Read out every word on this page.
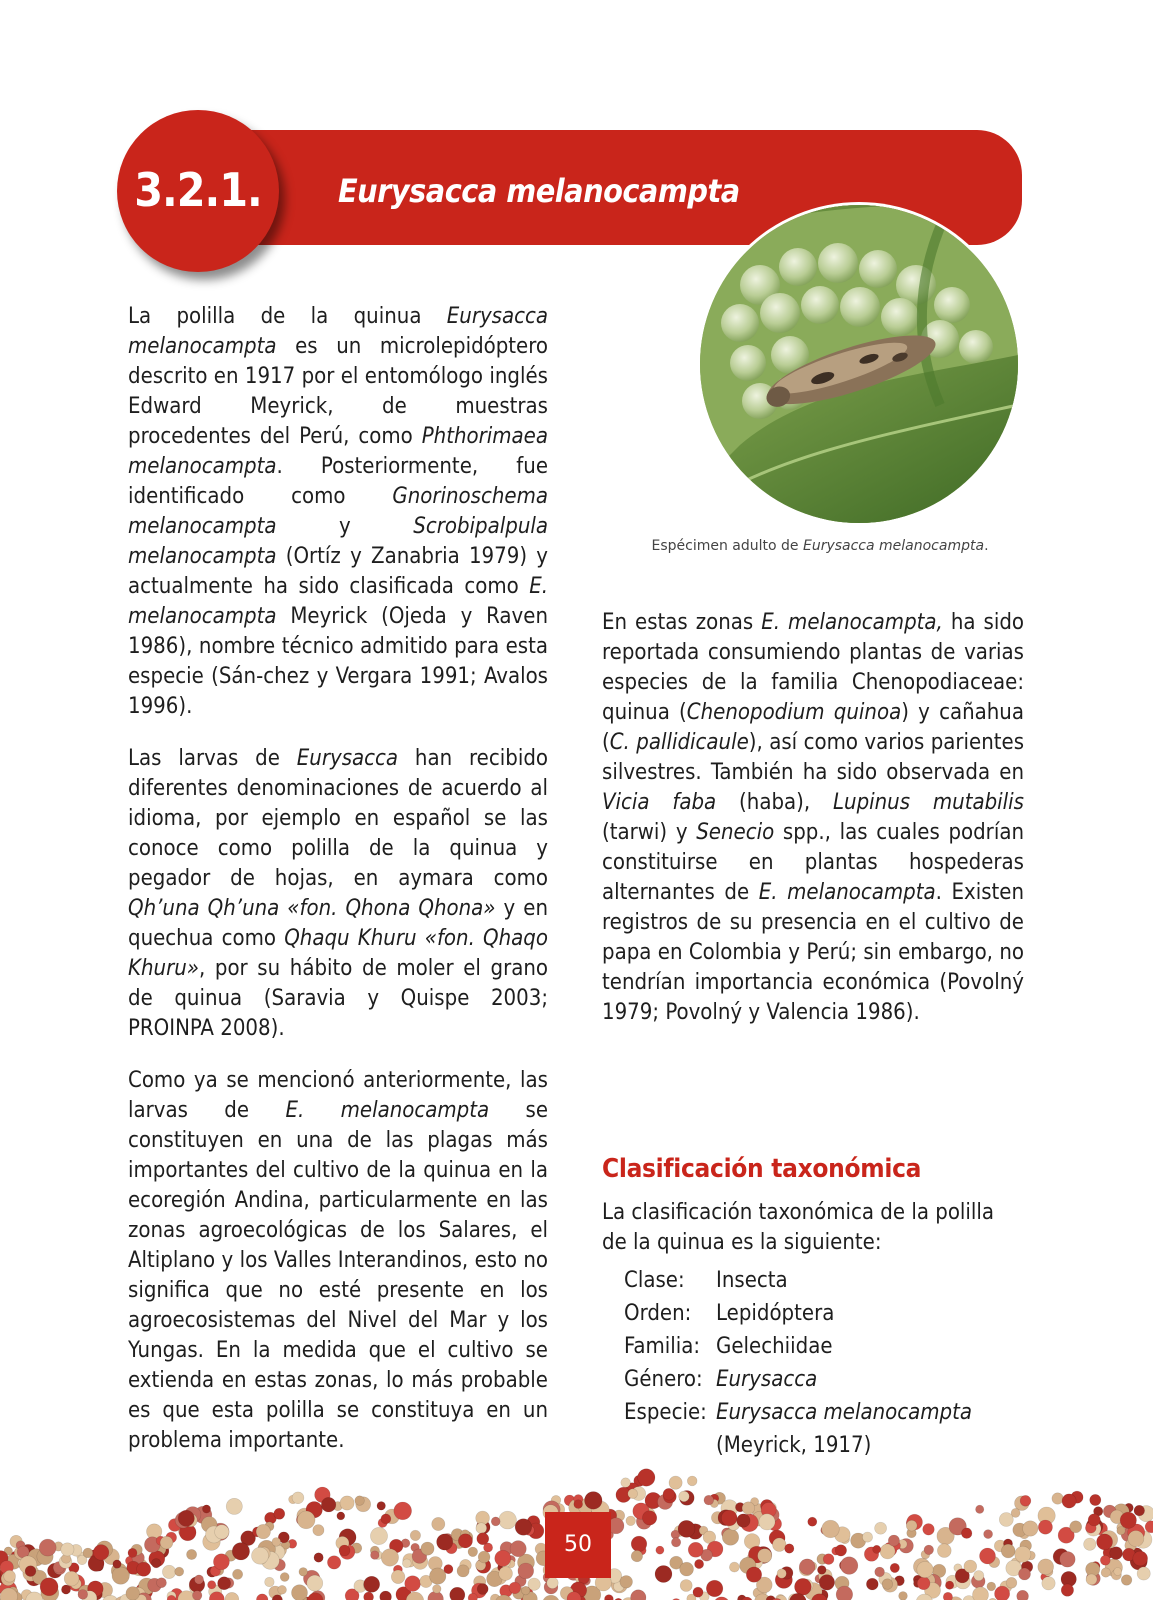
Eurysacca melanocampta
3.2.1.
Espécimen adulto de Eurysacca melanocampta.

La polilla de la quinua Eurysacca melanocampta es un microlepidóptero descrito en 1917 por el entomólogo inglés Edward Meyrick, de muestras procedentes del Perú, como Phthorimaea melanocampta. Posteriormente, fue identificado como Gnorinoschema melanocampta y Scrobipalpula melanocampta (Ortíz y Zanabria 1979) y actualmente ha sido clasificada como E. melanocampta Meyrick (Ojeda y Raven 1986), nombre técnico admitido para esta especie (Sán-chez y Vergara 1991; Avalos 1996).

Las larvas de Eurysacca han recibido diferentes denominaciones de acuerdo al idioma, por ejemplo en español se las conoce como polilla de la quinua y pegador de hojas, en aymara como Qh’una Qh’una «fon. Qhona Qhona» y en quechua como Qhaqu Khuru «fon. Qhaqo Khuru», por su hábito de moler el grano de quinua (Saravia y Quispe 2003; PROINPA 2008).

Como ya se mencionó anteriormente, las larvas de E. melanocampta se constituyen en una de las plagas más importantes del cultivo de la quinua en la ecoregión Andina, particularmente en las zonas agroecológicas de los Salares, el Altiplano y los Valles Interandinos, esto no significa que no esté presente en los agroecosistemas del Nivel del Mar y los Yungas. En la medida que el cultivo se extienda en estas zonas, lo más probable es que esta polilla se constituya en un problema importante.

En estas zonas E. melanocampta, ha sido reportada consumiendo plantas de varias especies de la familia Chenopodiaceae: quinua (Chenopodium quinoa) y cañahua (C. pallidicaule), así como varios parientes silvestres. También ha sido observada en Vicia faba (haba), Lupinus mutabilis (tarwi) y Senecio spp., las cuales podrían constituirse en plantas hospederas alternantes de E. melanocampta. Existen registros de su presencia en el cultivo de papa en Colombia y Perú; sin embargo, no tendrían importancia económica (Povolný 1979; Povolný y Valencia 1986).

Clasificación taxonómica
La clasificación taxonómica de la polilla de la quinua es la siguiente:
Clase:	Insecta
Orden:	Lepidóptera
Familia: Gelechiidae
Género: Eurysacca
Especie: Eurysacca melanocampta
(Meyrick, 1917)
50
